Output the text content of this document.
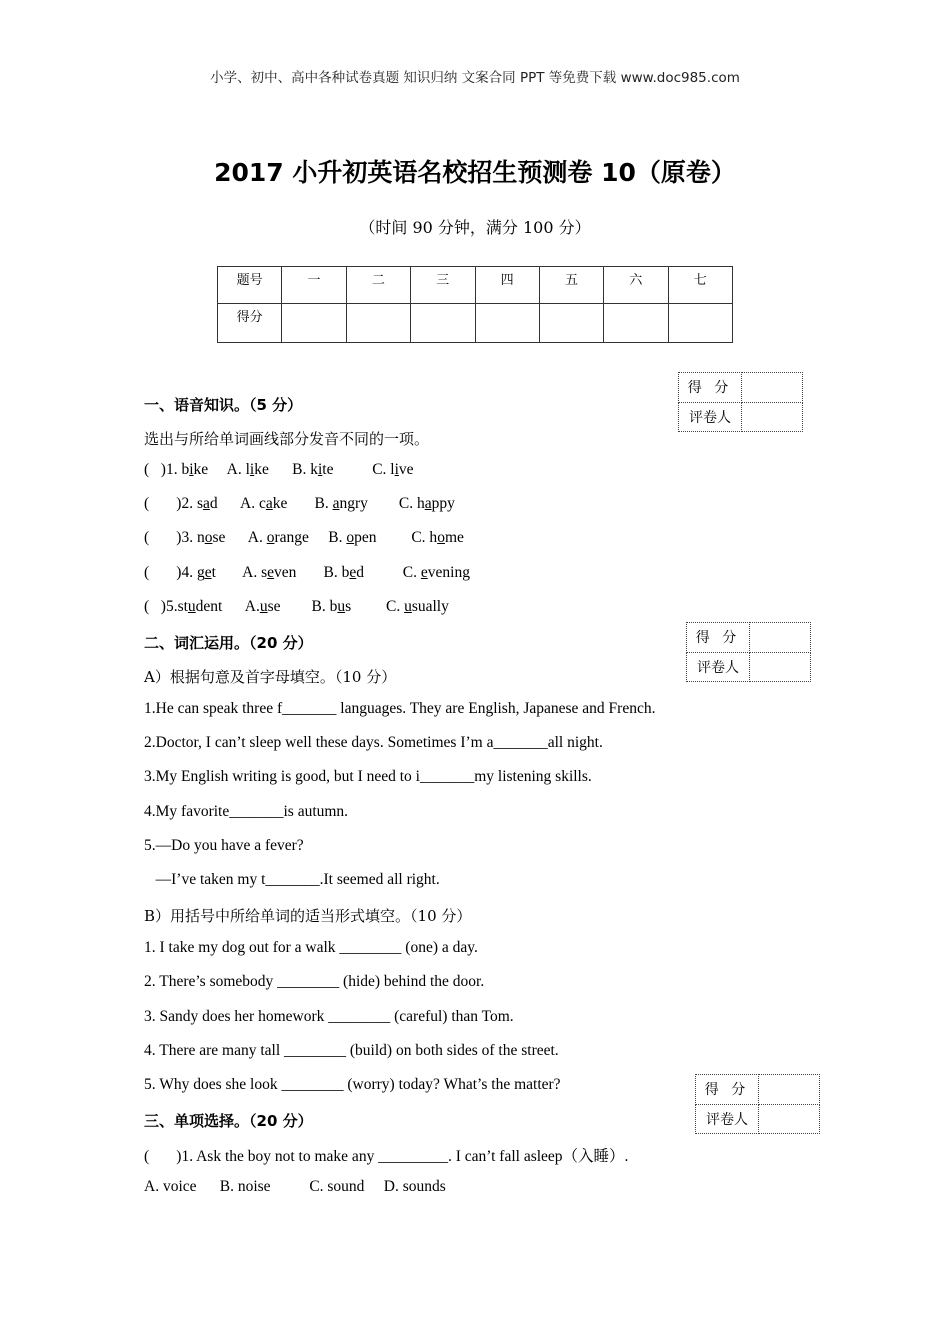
小学、初中、高中各种试卷真题 知识归纳 文案合同 PPT 等免费下载 www.doc985.com
2017 小升初英语名校招生预测卷 10（原卷）
（时间 90 分钟，满分 100 分）
题号	一	二	三	四	五	六	七
得分							
得 分	
评卷人	
得 分	
评卷人	
得 分	
评卷人	
一、语音知识。（5 分）
选出与所给单词画线部分发音不同的一项。
(   )1. bike     A. like      B. kite          C. live
(       )2. sad      A. cake       B. angry        C. happy
(       )3. nose      A. orange     B. open         C. home
(       )4. get       A. seven       B. bed          C. evening
(   )5.student      A.use        B. bus         C. usually
二、词汇运用。（20 分）
A）根据句意及首字母填空。（10 分）
1.He can speak three f_______ languages. They are English, Japanese and French.
2.Doctor, I can’t sleep well these days. Sometimes I’m a_______all night.
3.My English writing is good, but I need to i_______my listening skills.
4.My favorite_______is autumn.
5.—Do you have a fever?
—I’ve taken my t_______.It seemed all right.
B）用括号中所给单词的适当形式填空。（10 分）
1. I take my dog out for a walk ________ (one) a day.
2. There’s somebody ________ (hide) behind the door.
3. Sandy does her homework ________ (careful) than Tom.
4. There are many tall ________ (build) on both sides of the street.
5. Why does she look ________ (worry) today? What’s the matter?
三、单项选择。（20 分）
(       )1. Ask the boy not to make any _________. I can’t fall asleep（入睡）.
A. voice      B. noise          C. sound     D. sounds
